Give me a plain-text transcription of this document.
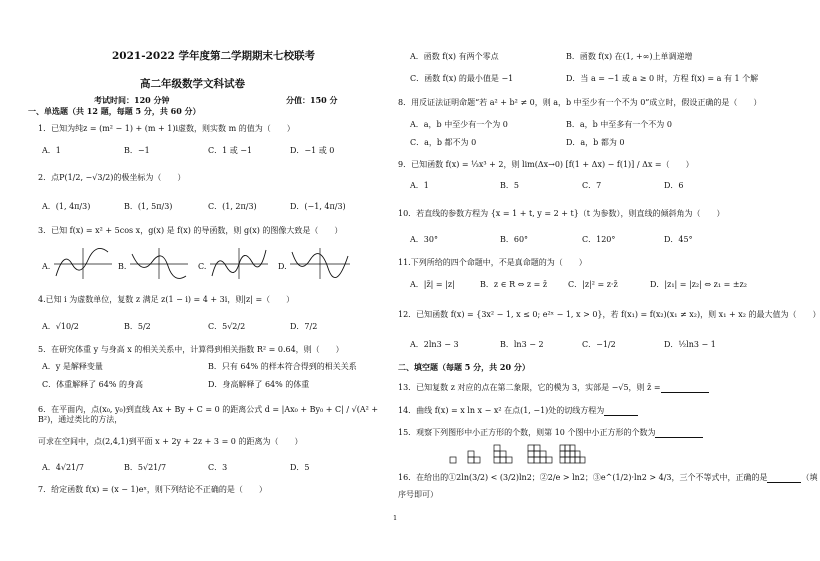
2021-2022 学年度第二学期期末七校联考
高二年级数学文科试卷
考试时间：120 分钟	分值：150 分
一、单选题（共 12 题，每题 5 分，共 60 分）
1．已知为纯z = (m² − 1) + (m + 1)i虚数，则实数 m 的值为（　　）
A．1	B．−1	C．1 或 −1	D．−1 或 0
2．点P(1/2, −√3/2)的极坐标为（　　）
A．(1, 4π/3)	B．(1, 5π/3)	C．(1, 2π/3)	D．(−1, 4π/3)
3．已知 f(x) = x² + 5cos x，g(x) 是 f(x) 的导函数，则 g(x) 的图像大致是（　　）
A.	B.	C.	D.
4.已知 i 为虚数单位，复数 z 满足 z(1 − i) = 4 + 3i，则|z| =（　　）
A．√10/2	B．5/2	C．5√2/2	D．7/2
5．在研究体重 y 与身高 x 的相关关系中，计算得到相关指数 R² = 0.64，则（　　）
A．y 是解释变量	B．只有 64% 的样本符合得到的相关关系
C．体重解释了 64% 的身高	D．身高解释了 64% 的体重
6．在平面内，点(x₀, y₀)到直线 Ax + By + C = 0 的距离公式 d = |Ax₀ + By₀ + C| / √(A² + B²)，通过类比的方法，
可求在空间中，点(2,4,1)到平面 x + 2y + 2z + 3 = 0 的距离为（　　）
A．4√21/7	B．5√21/7	C．3	D．5
7．给定函数 f(x) = (x − 1)eˣ，则下列结论不正确的是（　　）
A．函数 f(x) 有两个零点	B．函数 f(x) 在(1, +∞)上单调递增
C．函数 f(x) 的最小值是 −1	D．当 a = −1 或 a ≥ 0 时，方程 f(x) = a 有 1 个解
8．用反证法证明命题“若 a² + b² ≠ 0，则 a，b 中至少有一个不为 0”成立时，假设正确的是（　　）
A．a，b 中至少有一个为 0	B．a，b 中至多有一个不为 0
C．a，b 都不为 0	D．a，b 都为 0
9．已知函数 f(x) = ⅓x³ + 2，则 lim(Δx→0) [f(1 + Δx) − f(1)] / Δx =（　　）
A．1	B．5	C．7	D．6
10．若直线的参数方程为 {x = 1 + t, y = 2 + t}（t 为参数），则直线的倾斜角为（　　）
A．30°	B．60°	C．120°	D．45°
11.下列所给的四个命题中，不是真命题的为（　　）
A．|z̄| = |z|	B．z ∈ R ⇔ z = z̄	C．|z|² = z·z̄	D．|z₁| = |z₂| ⇔ z₁ = ±z₂
12．已知函数 f(x) = {3x² − 1, x ≤ 0; e²ˣ − 1, x > 0}，若 f(x₁) = f(x₂)(x₁ ≠ x₂)，则 x₁ + x₂ 的最大值为（　　）
A．2ln3 − 3	B．ln3 − 2	C．−1/2	D．½ln3 − 1
二、填空题（每题 5 分，共 20 分）
13．已知复数 z 对应的点在第二象限，它的模为 3，实部是 −√5，则 z̄ =
14．曲线 f(x) = x ln x − x² 在点(1, −1)处的切线方程为
15．观察下列图形中小正方形的个数，则第 10 个图中小正方形的个数为
16．在给出的①2ln(3/2) < (3/2)ln2；②2/e > ln2；③e^(1/2)·ln2 > 4/3，三个不等式中，正确的是	（填
序号即可）
1
